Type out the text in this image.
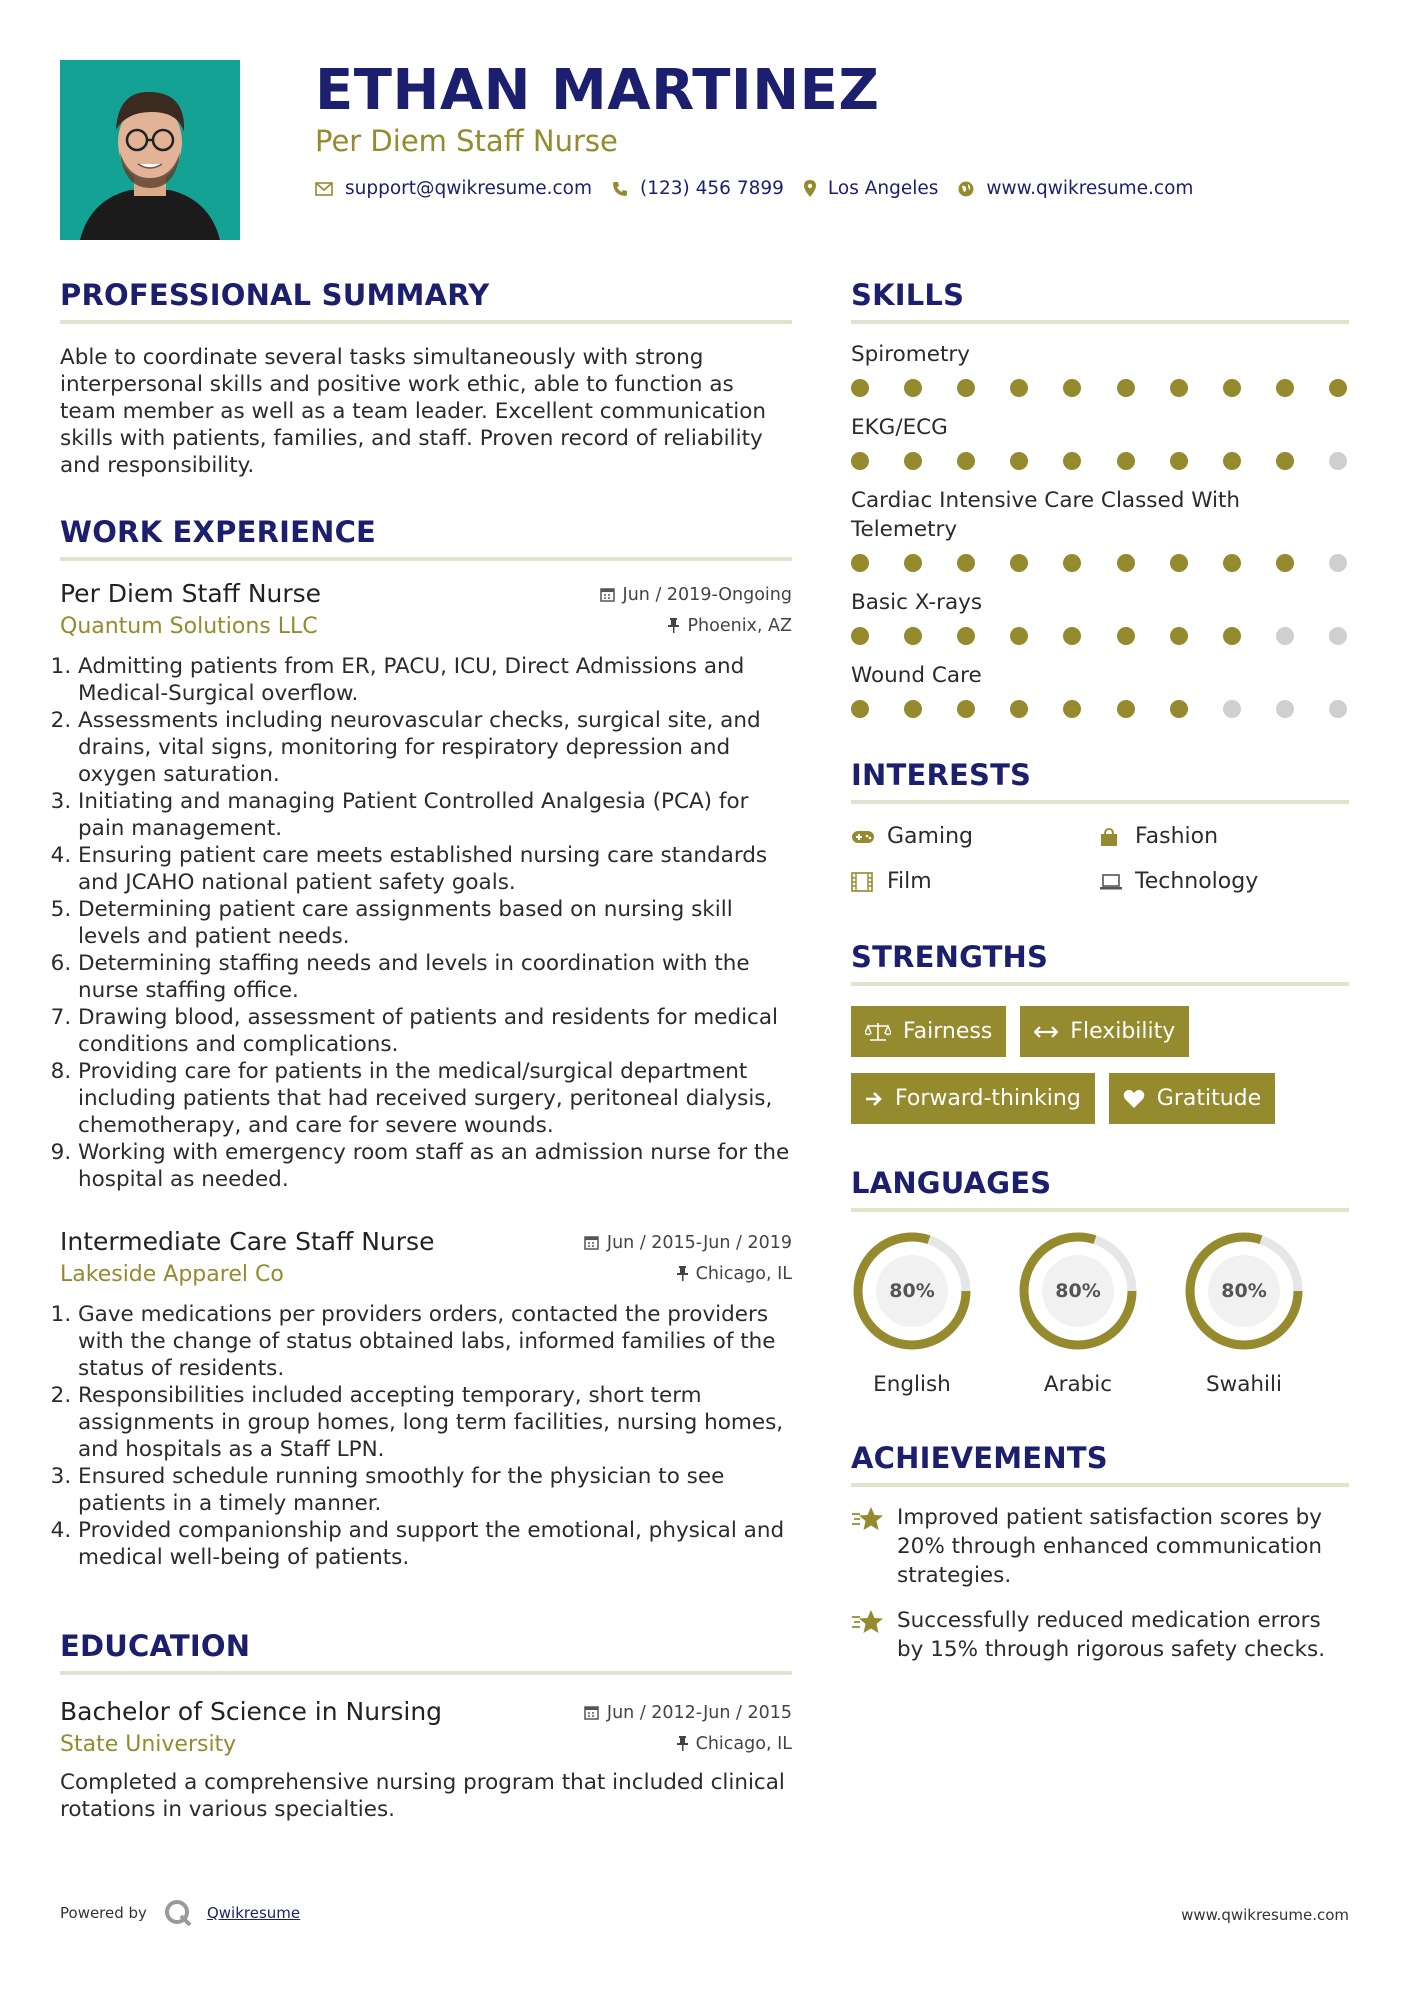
ETHAN MARTINEZ
Per Diem Staff Nurse
support@qwikresume.com	(123) 456 7899 Los Angeles	www.qwikresume.com
PROFESSIONAL SUMMARY
Able to coordinate several tasks simultaneously with strong interpersonal skills and positive work ethic, able to function as team member as well as a team leader. Excellent communication skills with patients, families, and staff. Proven record of reliability and responsibility.
WORK EXPERIENCE
Per Diem Staff Nurse	Jun / 2019-Ongoing
Quantum Solutions LLC	Phoenix, AZ
1. Admitting patients from ER, PACU, ICU, Direct Admissions and Medical-Surgical overflow.
2. Assessments including neurovascular checks, surgical site, and drains, vital signs, monitoring for respiratory depression and oxygen saturation.
3. Initiating and managing Patient Controlled Analgesia (PCA) for pain management.
4. Ensuring patient care meets established nursing care standards and JCAHO national patient safety goals.
5. Determining patient care assignments based on nursing skill levels and patient needs.
6. Determining staffing needs and levels in coordination with the nurse staffing office.
7. Drawing blood, assessment of patients and residents for medical conditions and complications.
8. Providing care for patients in the medical/surgical department including patients that had received surgery, peritoneal dialysis, chemotherapy, and care for severe wounds.
9. Working with emergency room staff as an admission nurse for the hospital as needed.
Intermediate Care Staff Nurse	Jun / 2015-Jun / 2019
Lakeside Apparel Co	Chicago, IL
1. Gave medications per providers orders, contacted the providers with the change of status obtained labs, informed families of the status of residents.
2. Responsibilities included accepting temporary, short term assignments in group homes, long term facilities, nursing homes, and hospitals as a Staff LPN.
3. Ensured schedule running smoothly for the physician to see patients in a timely manner.
4. Provided companionship and support the emotional, physical and medical well-being of patients.
EDUCATION
Bachelor of Science in Nursing	Jun / 2012-Jun / 2015
State University	Chicago, IL
Completed a comprehensive nursing program that included clinical rotations in various specialties.
SKILLS
Spirometry
EKG/ECG
Cardiac Intensive Care Classed With Telemetry
Basic X-rays
Wound Care
INTERESTS
Gaming	Fashion
Film	Technology
STRENGTHS
Fairness	Flexibility
Forward-thinking	Gratitude
LANGUAGES
80%
English
80%
Arabic
80%
Swahili
ACHIEVEMENTS
Improved patient satisfaction scores by 20% through enhanced communication strategies.
Successfully reduced medication errors by 15% through rigorous safety checks.
Powered by	Qwikresume	www.qwikresume.com
